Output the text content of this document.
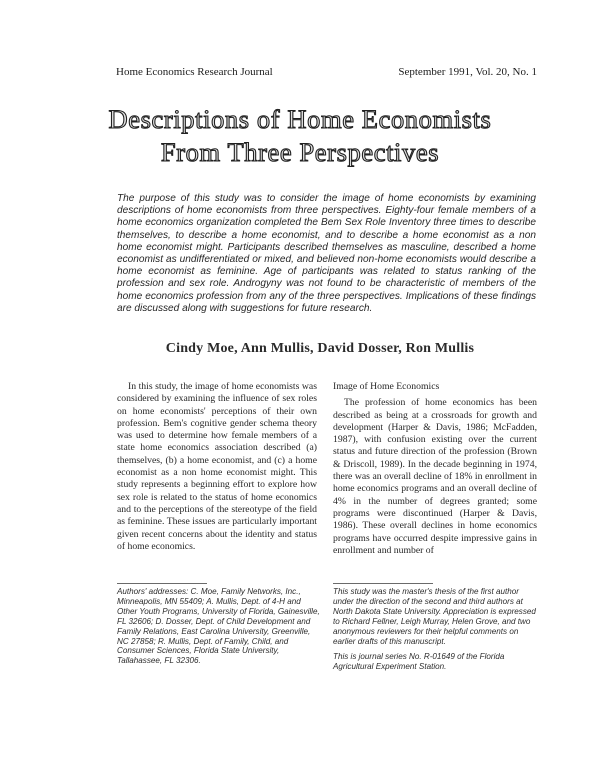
Home Economics Research Journal	September 1991, Vol. 20, No. 1
Descriptions of Home Economists
From Three Perspectives

The purpose of this study was to consider the image of home economists by examining descriptions of home economists from three perspectives. Eighty-four female members of a home economics organization completed the Bem Sex Role Inventory three times to describe themselves, to describe a home economist, and to describe a home economist as a non home economist might. Participants described themselves as masculine, described a home economist as undifferentiated or mixed, and believed non-home economists would describe a home economist as feminine. Age of participants was related to status ranking of the profession and sex role. Androgyny was not found to be characteristic of members of the home economics profession from any of the three perspectives. Implications of these findings are discussed along with suggestions for future research.

Cindy Moe, Ann Mullis, David Dosser, Ron Mullis

In this study, the image of home economists was considered by examining the influence of sex roles on home economists' perceptions of their own profession. Bem's cognitive gender schema theory was used to determine how female members of a state home economics association described (a) themselves, (b) a home economist, and (c) a home economist as a non home economist might. This study represents a beginning effort to explore how sex role is related to the status of home economics and to the perceptions of the stereotype of the field as feminine. These issues are particularly important given recent concerns about the identity and status of home economics.

Image of Home Economics

The profession of home economics has been described as being at a crossroads for growth and development (Harper & Davis, 1986; McFadden, 1987), with confusion existing over the current status and future direction of the profession (Brown & Driscoll, 1989). In the decade beginning in 1974, there was an overall decline of 18% in enrollment in home economics programs and an overall decline of 4% in the number of degrees granted; some programs were discontinued (Harper & Davis, 1986). These overall declines in home economics programs have occurred despite impressive gains in enrollment and number of

Authors' addresses: C. Moe, Family Networks, Inc., Minneapolis, MN 55409; A. Mullis, Dept. of 4-H and Other Youth Programs, University of Florida, Gainesville, FL 32606; D. Dosser, Dept. of Child Development and Family Relations, East Carolina University, Greenville, NC 27858; R. Mullis, Dept. of Family, Child, and Consumer Sciences, Florida State University, Tallahassee, FL 32306.

This study was the master's thesis of the first author under the direction of the second and third authors at North Dakota State University. Appreciation is expressed to Richard Fellner, Leigh Murray, Helen Grove, and two anonymous reviewers for their helpful comments on earlier drafts of this manuscript.

This is journal series No. R-01649 of the Florida Agricultural Experiment Station.
